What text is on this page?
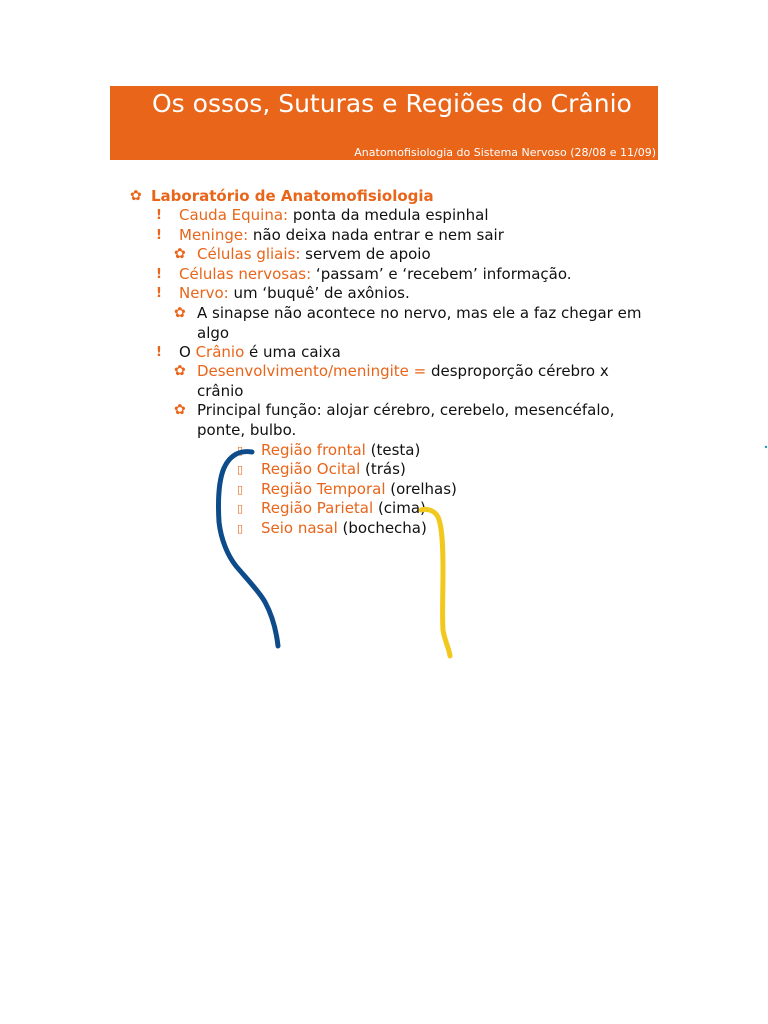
Os ossos, Suturas e Regiões do Crânio
Anatomofisiologia do Sistema Nervoso (28/08 e 11/09)
✿ Laboratório de Anatomofisiologia
! Cauda Equina: ponta da medula espinhal
! Meninge: não deixa nada entrar e nem sair
✿ Células gliais: servem de apoio
! Células nervosas: ‘passam’ e ‘recebem’ informação.
! Nervo: um ‘buquê’ de axônios.
✿ A sinapse não acontece no nervo, mas ele a faz chegar em algo
! O Crânio é uma caixa
✿ Desenvolvimento/meningite = desproporção cérebro x crânio
✿ Principal função: alojar cérebro, cerebelo, mesencéfalo, ponte, bulbo.
▯ Região frontal (testa)
▯ Região Ocital (trás)
▯ Região Temporal (orelhas)
▯ Região Parietal (cima)
▯ Seio nasal (bochecha)
